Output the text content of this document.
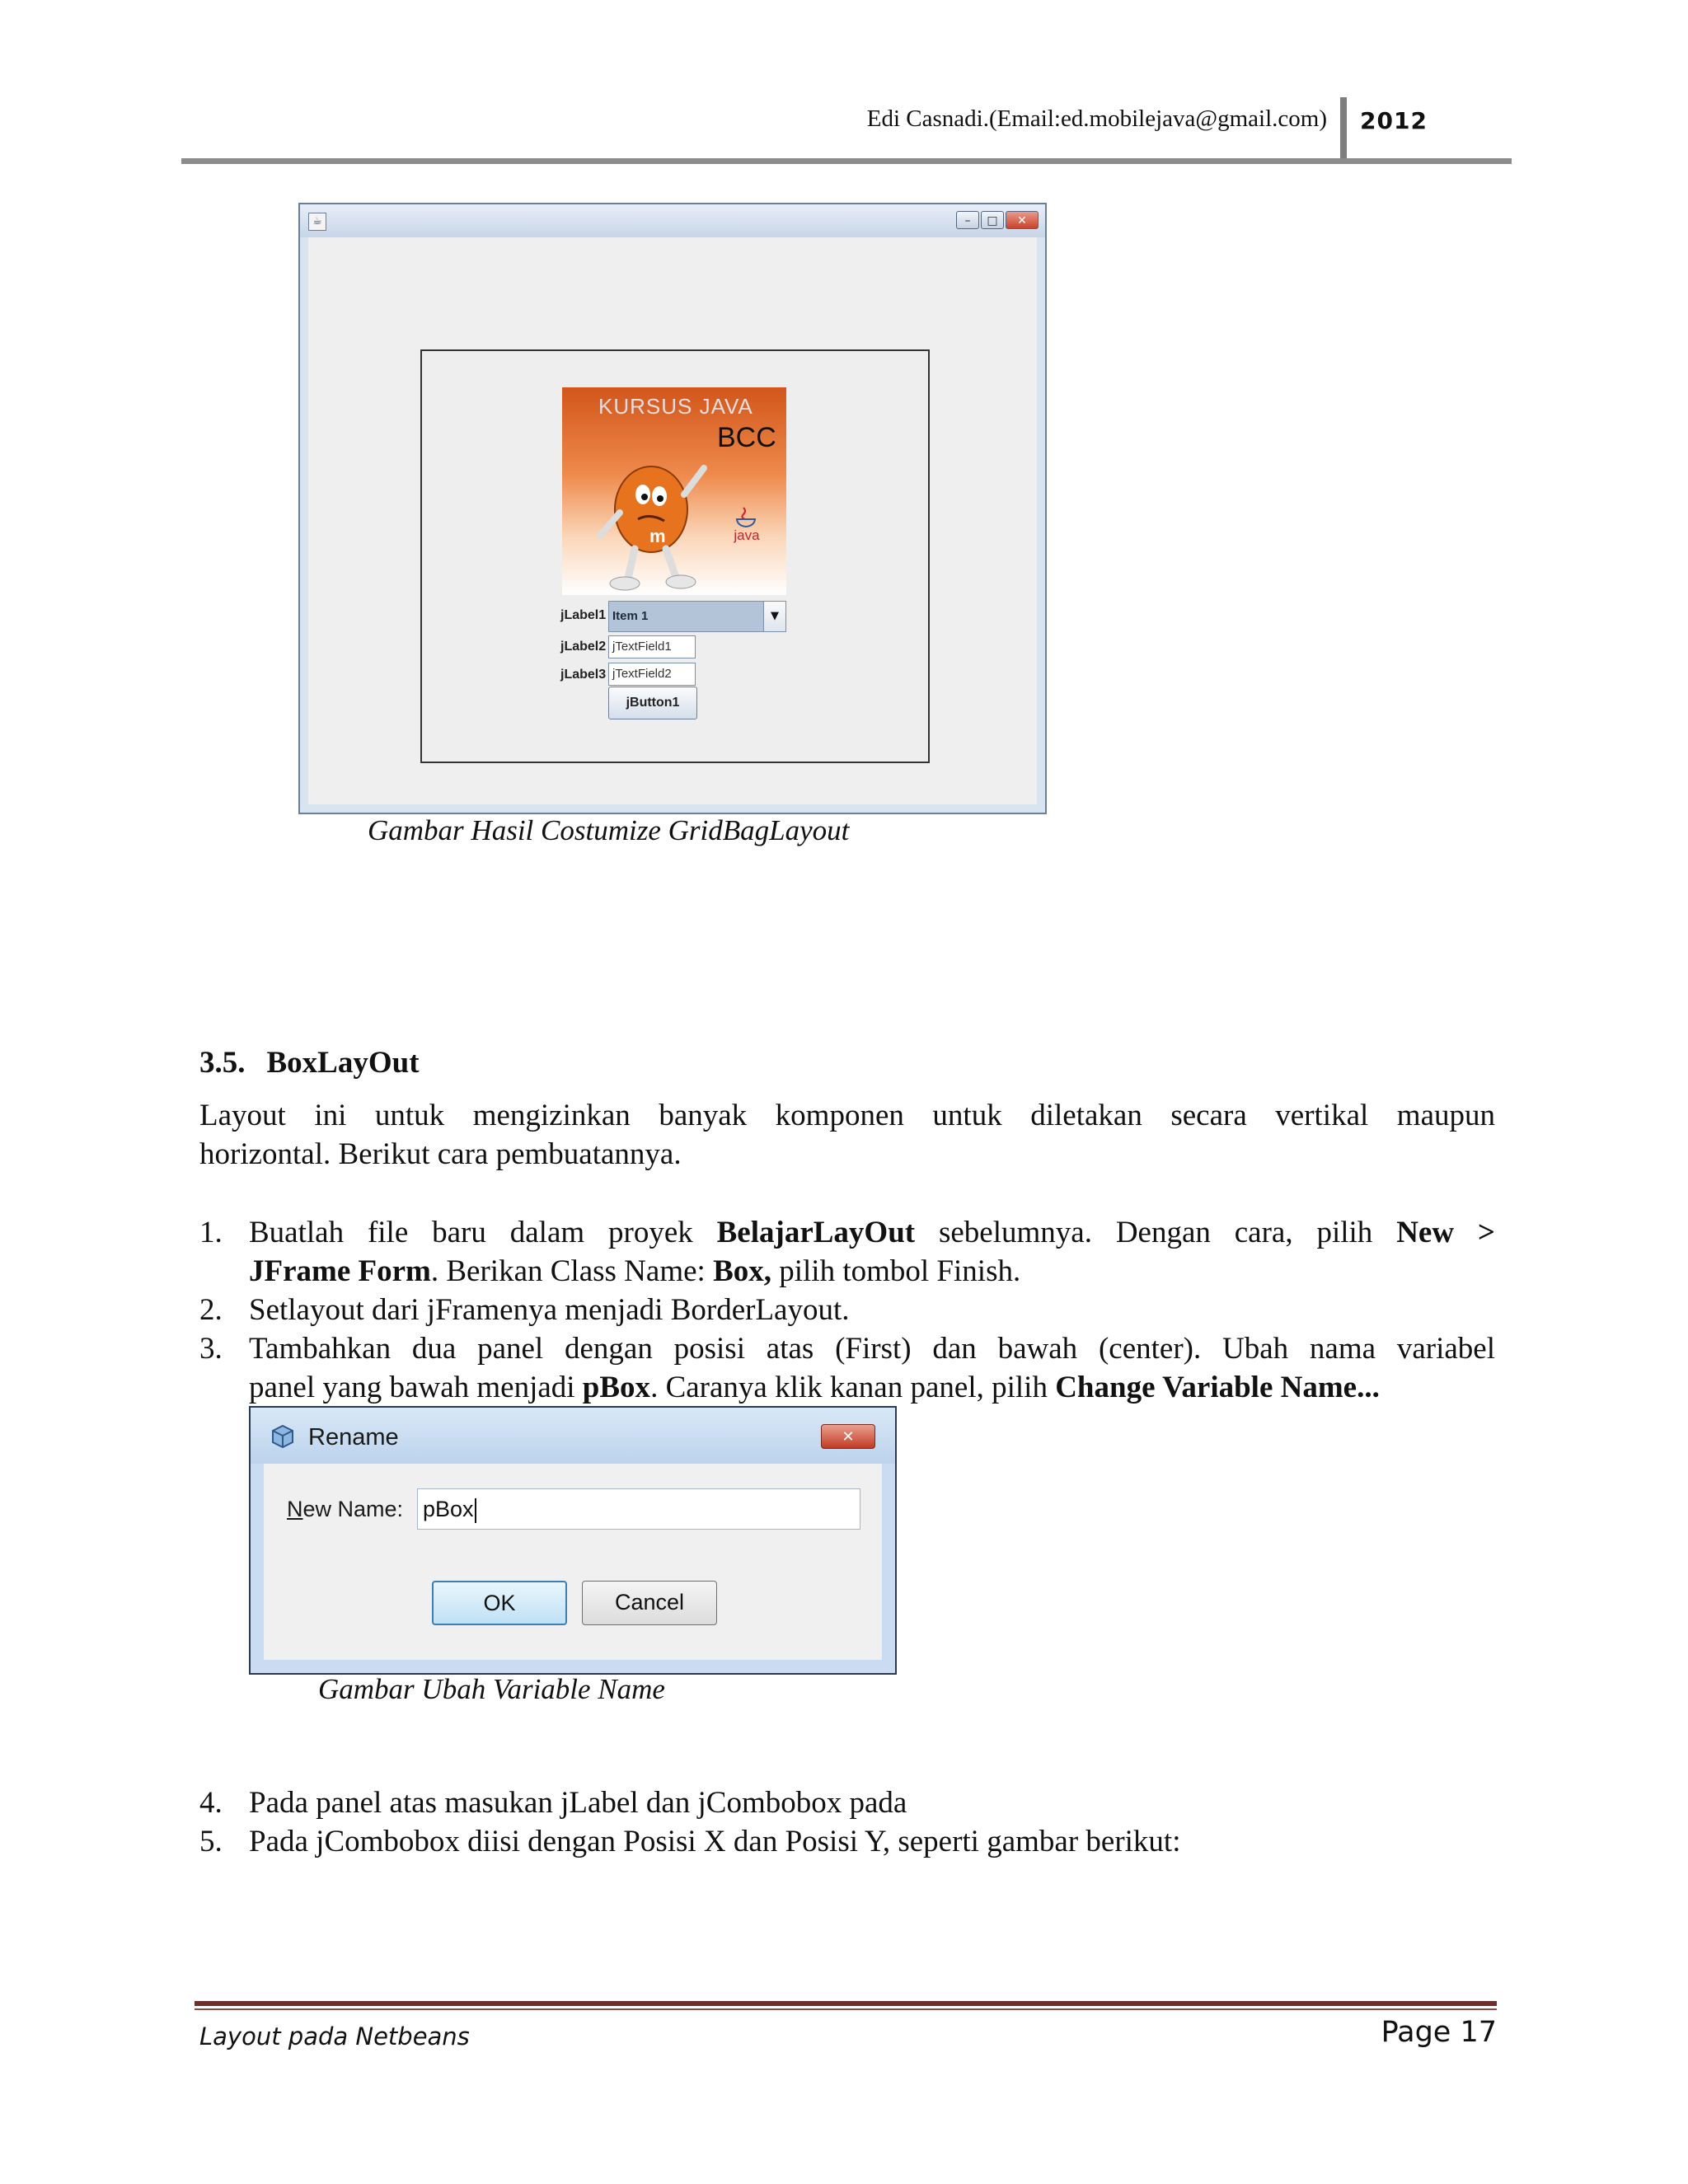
Edi Casnadi.(Email:ed.mobilejava@gmail.com) 2012
☕	–	□	✕
KURSUS JAVA
BCC
m	java
jLabel1 Item 1	▼
jLabel2 jTextField1
jLabel3 jTextField2
jButton1
Gambar Hasil Costumize GridBagLayout
3.5. BoxLayOut
Layout ini untuk mengizinkan banyak komponen untuk diletakan secara vertikal maupun
horizontal. Berikut cara pembuatannya.
1. Buatlah file baru dalam proyek BelajarLayOut sebelumnya. Dengan cara, pilih New >
JFrame Form. Berikan Class Name: Box, pilih tombol Finish.
2. Setlayout dari jFramenya menjadi BorderLayout.
3. Tambahkan dua panel dengan posisi atas (First) dan bawah (center). Ubah nama variabel
panel yang bawah menjadi pBox. Caranya klik kanan panel, pilih Change Variable Name...
Rename	✕
New Name: pBox
OK	Cancel
Gambar Ubah Variable Name
4. Pada panel atas masukan jLabel dan jCombobox pada
5. Pada jCombobox diisi dengan Posisi X dan Posisi Y, seperti gambar berikut:
Layout pada Netbeans	Page 17
